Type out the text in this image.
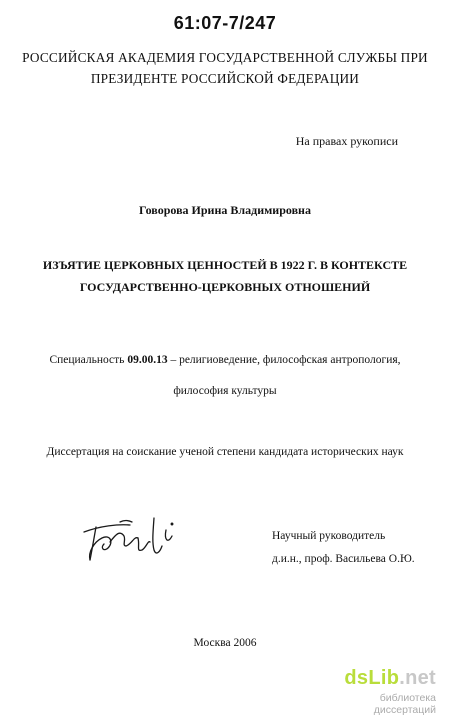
61:07-7/247
РОССИЙСКАЯ АКАДЕМИЯ ГОСУДАРСТВЕННОЙ СЛУЖБЫ ПРИ
ПРЕЗИДЕНТЕ РОССИЙСКОЙ ФЕДЕРАЦИИ
На правах рукописи
Говорова Ирина Владимировна
ИЗЪЯТИЕ ЦЕРКОВНЫХ ЦЕННОСТЕЙ В 1922 Г. В КОНТЕКСТЕ
ГОСУДАРСТВЕННО-ЦЕРКОВНЫХ ОТНОШЕНИЙ
Специальность 09.00.13 – религиоведение, философская антропология,
философия культуры
Диссертация на соискание ученой степени кандидата исторических наук
Научный руководитель
д.и.н., проф. Васильева О.Ю.
Москва 2006
dsLib.net
библиотека диссертаций
